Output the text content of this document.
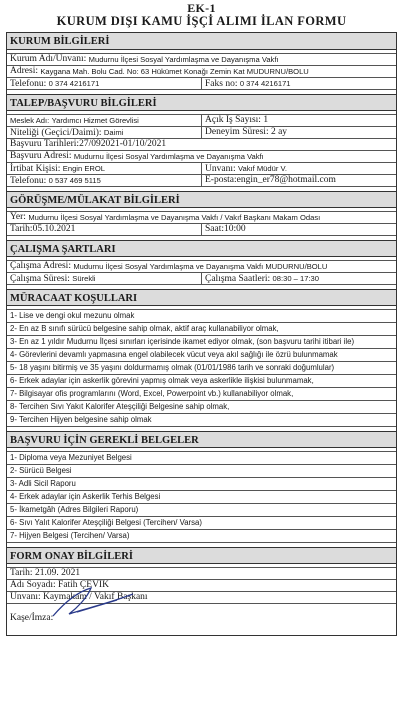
EK-1
KURUM DIŞI KAMU İŞÇİ ALIMI İLAN FORMU
KURUM BİLGİLERİ
Kurum Adı/Unvanı:
Mudurnu İlçesi Sosyal Yardımlaşma ve Dayanışma Vakfı
Adresi:
Kaygana Mah. Bolu Cad. No: 63 Hükümet Konağı Zemin Kat MUDURNU/BOLU
Telefonu: 0 374 4216171	Faks no: 0 374 4216171
TALEP/BAŞVURU BİLGİLERİ
Meslek Adı: Yardımcı Hizmet Görevlisi	Açık İş Sayısı: 1
Niteliği (Geçici/Daimi): Daimi	Deneyim Süresi: 2 ay
Başvuru Tarihleri: 27/092021-01/10/2021
Başvuru Adresi:
Mudurnu İlçesi Sosyal Yardımlaşma ve Dayanışma Vakfı
İrtibat Kişisi: Engin EROL	Unvanı: Vakıf Müdür V.
Telefonu: 0 537 469 5115	E-posta:engin_er78@hotmail.com
GÖRÜŞME/MÜLAKAT BİLGİLERİ
Yer:
Mudurnu İlçesi Sosyal Yardımlaşma ve Dayanışma Vakfı / Vakıf Başkanı Makam Odası
Tarih:05.10.2021	Saat:10:00
ÇALIŞMA ŞARTLARI
Çalışma Adresi:
Mudurnu İlçesi Sosyal Yardımlaşma ve Dayanışma Vakfı MUDURNU/BOLU
Çalışma Süresi: Sürekli	Çalışma Saatleri: 08:30 – 17:30
MÜRACAAT KOŞULLARI
1- Lise ve dengi okul mezunu olmak
2- En az B sınıfı sürücü belgesine sahip olmak, aktif araç kullanabiliyor olmak,
3- En az 1 yıldır Mudurnu İlçesi sınırları içerisinde ikamet ediyor olmak, (son başvuru tarihi itibari ile)
4- Görevlerini devamlı yapmasına engel olabilecek vücut veya akıl sağlığı ile özrü bulunmamak
5- 18 yaşını bitirmiş ve 35 yaşını doldurmamış olmak (01/01/1986 tarih ve sonraki doğumlular)
6- Erkek adaylar için askerlik görevini yapmış olmak veya askerlikle ilişkisi bulunmamak,
7- Bilgisayar ofis programlarını (Word, Excel, Powerpoint vb.) kullanabiliyor olmak,
8- Tercihen Sıvı Yakıt Kalorifer Ateşçiliği Belgesine sahip olmak,
9- Tercihen Hijyen belgesine sahip olmak
BAŞVURU İÇİN GEREKLİ BELGELER
1- Diploma veya Mezuniyet Belgesi
2- Sürücü Belgesi
3- Adli Sicil Raporu
4- Erkek adaylar için Askerlik Terhis Belgesi
5- İkametgâh (Adres Bilgileri Raporu)
6- Sıvı Yalıt Kalorifer Ateşçiliği Belgesi (Tercihen/ Varsa)
7- Hijyen Belgesi (Tercihen/ Varsa)
FORM ONAY BİLGİLERİ
Tarih:
21.09. 2021
Adı Soyadı:
Fatih ÇEVİK
Unvanı:
Kaymakam / Vakıf Başkanı
Kaşe/İmza:
